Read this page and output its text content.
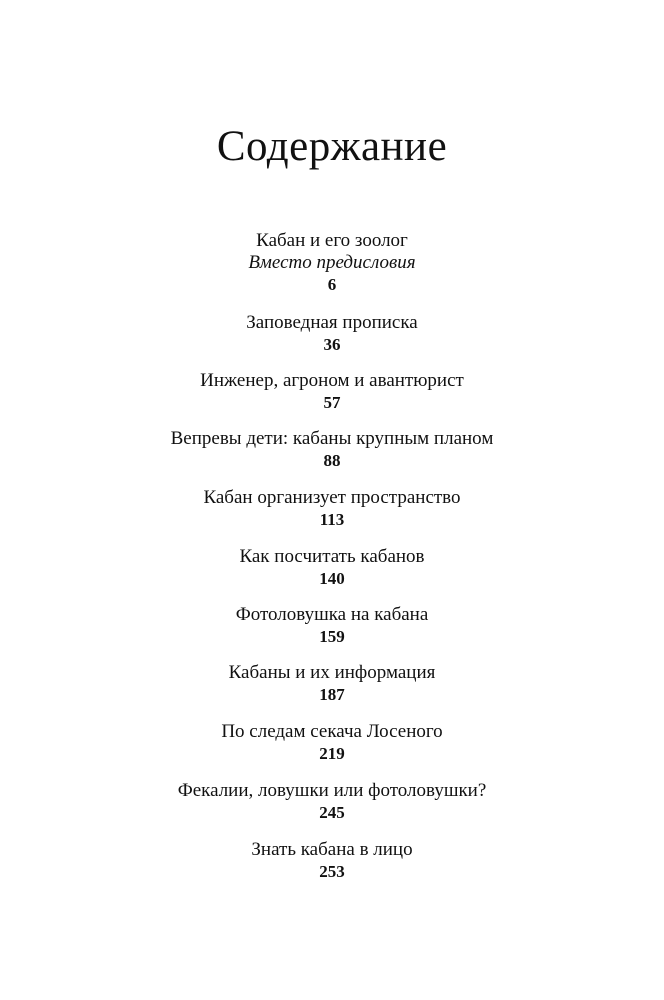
Содержание
Кабан и его зоолог
Вместо предисловия
6
Заповедная прописка
36
Инженер, агроном и авантюрист
57
Вепревы дети: кабаны крупным планом
88
Кабан организует пространство
113
Как посчитать кабанов
140
Фотоловушка на кабана
159
Кабаны и их информация
187
По следам секача Лосеного
219
Фекалии, ловушки или фотоловушки?
245
Знать кабана в лицо
253
